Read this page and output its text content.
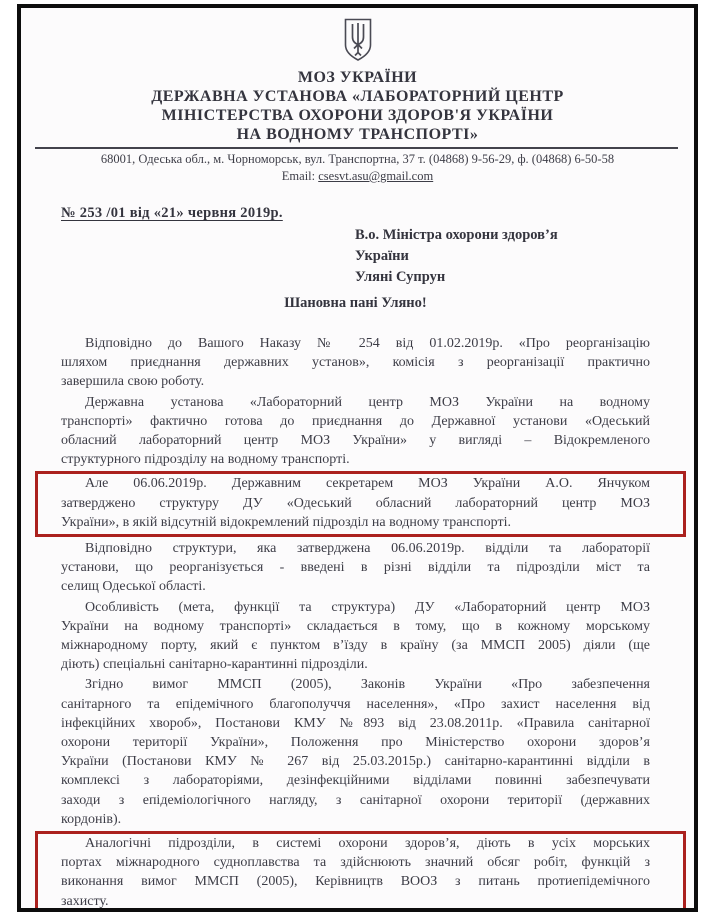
МОЗ УКРАЇНИ
ДЕРЖАВНА УСТАНОВА «ЛАБОРАТОРНИЙ ЦЕНТР
МІНІСТЕРСТВА ОХОРОНИ ЗДОРОВ'Я УКРАЇНИ
НА ВОДНОМУ ТРАНСПОРТІ»
68001, Одеська обл., м. Чорноморськ, вул. Транспортна, 37 т. (04868) 9-56-29, ф. (04868) 6-50-58
Email: csesvt.asu@gmail.com
№ 253 /01 від «21» червня 2019р.
В.о. Міністра охорони здоров’я
України
Уляні Супрун
Шановна пані Уляно!
Відповідно до Вашого Наказу № 254 від 01.02.2019р. «Про реорганізацію
шляхом приєднання державних установ», комісія з реорганізації практично
завершила свою роботу.
Державна установа «Лабораторний центр МОЗ України на водному
транспорті» фактично готова до приєднання до Державної установи «Одеський
обласний лабораторний центр МОЗ України» у вигляді – Відокремленого
структурного підрозділу на водному транспорті.
Але 06.06.2019р. Державним секретарем МОЗ України А.О. Янчуком
затверджено структуру ДУ «Одеський обласний лабораторний центр МОЗ
України», в якій відсутній відокремлений підрозділ на водному транспорті.
Відповідно структури, яка затверджена 06.06.2019р. відділи та лабораторії
установи, що реорганізується - введені в різні відділи та підрозділи міст та
селищ Одеської області.
Особливість (мета, функції та структура) ДУ «Лабораторний центр МОЗ
України на водному транспорті» складається в тому, що в кожному морському
міжнародному порту, який є пунктом в’їзду в країну (за ММСП 2005) діяли (ще
діють) спеціальні санітарно-карантинні підрозділи.
Згідно вимог ММСП (2005), Законів України «Про забезпечення
санітарного та епідемічного благополуччя населення», «Про захист населення від
інфекційних хвороб», Постанови КМУ №893 від 23.08.2011р. «Правила санітарної
охорони території України», Положення про Міністерство охорони здоров’я
України (Постанови КМУ № 267 від 25.03.2015р.) санітарно-карантинні відділи в
комплексі з лабораторіями, дезінфекційними відділами повинні забезпечувати
заходи з епідеміологічного нагляду, з санітарної охорони території (державних
кордонів).
Аналогічні підрозділи, в системі охорони здоров’я, діють в усіх морських
портах міжнародного судноплавства та здійснюють значний обсяг робіт, функцій з
виконання вимог ММСП (2005), Керівництв ВООЗ з питань протиепідемічного
захисту.
